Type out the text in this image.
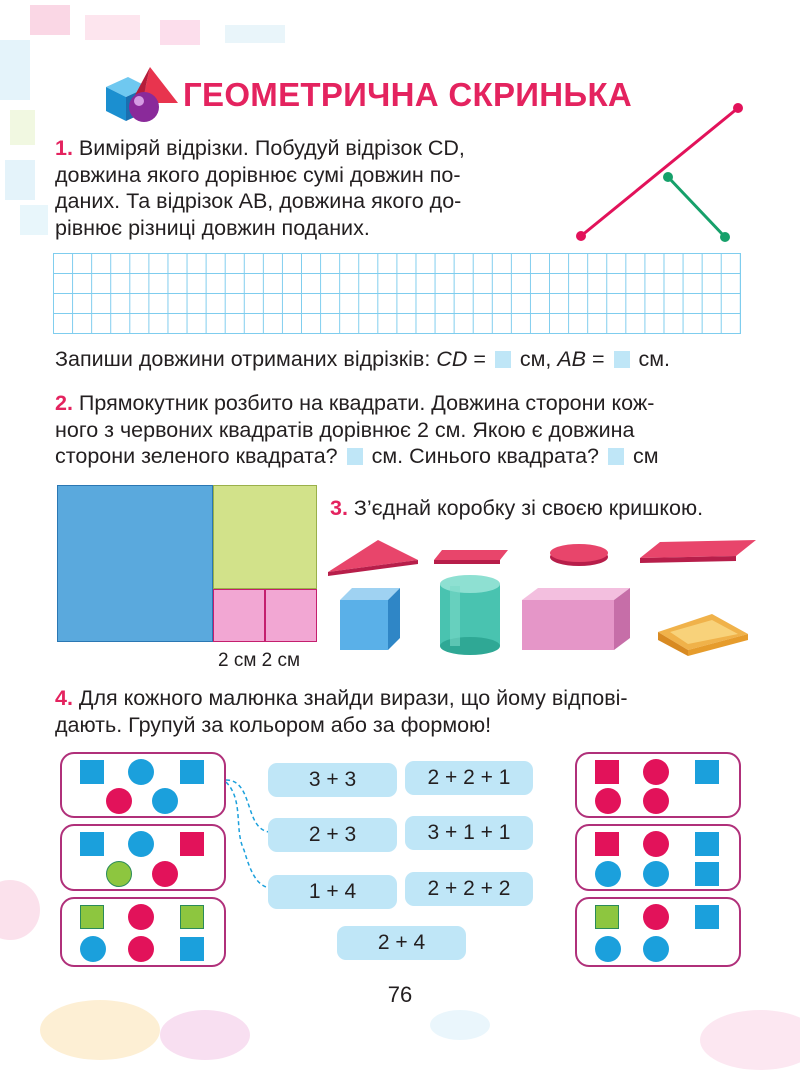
ГЕОМЕТРИЧНА СКРИНЬКА
1. Виміряй відрізки. Побудуй відрізок CD,
довжина якого дорівнює сумі довжин по-
даних. Та відрізок AB, довжина якого до-
рівнює різниці довжин поданих.
Запиши довжини отриманих відрізків: CD =  см, AB =  см.
2. Прямокутник розбито на квадрати. Довжина сторони кож-
ного з червоних квадратів дорівнює 2 см. Якою є довжина
сторони зеленого квадрата?  см. Синього квадрата?  см
2 см 2 см
3. З’єднай коробку зі своєю кришкою.
4. Для кожного малюнка знайди вирази, що йому відпові-
дають. Групуй за кольором або за формою!
3 + 3	2 + 2 + 1
2 + 3	3 + 1 + 1
1 + 4	2 + 2 + 2
2 + 4
76
